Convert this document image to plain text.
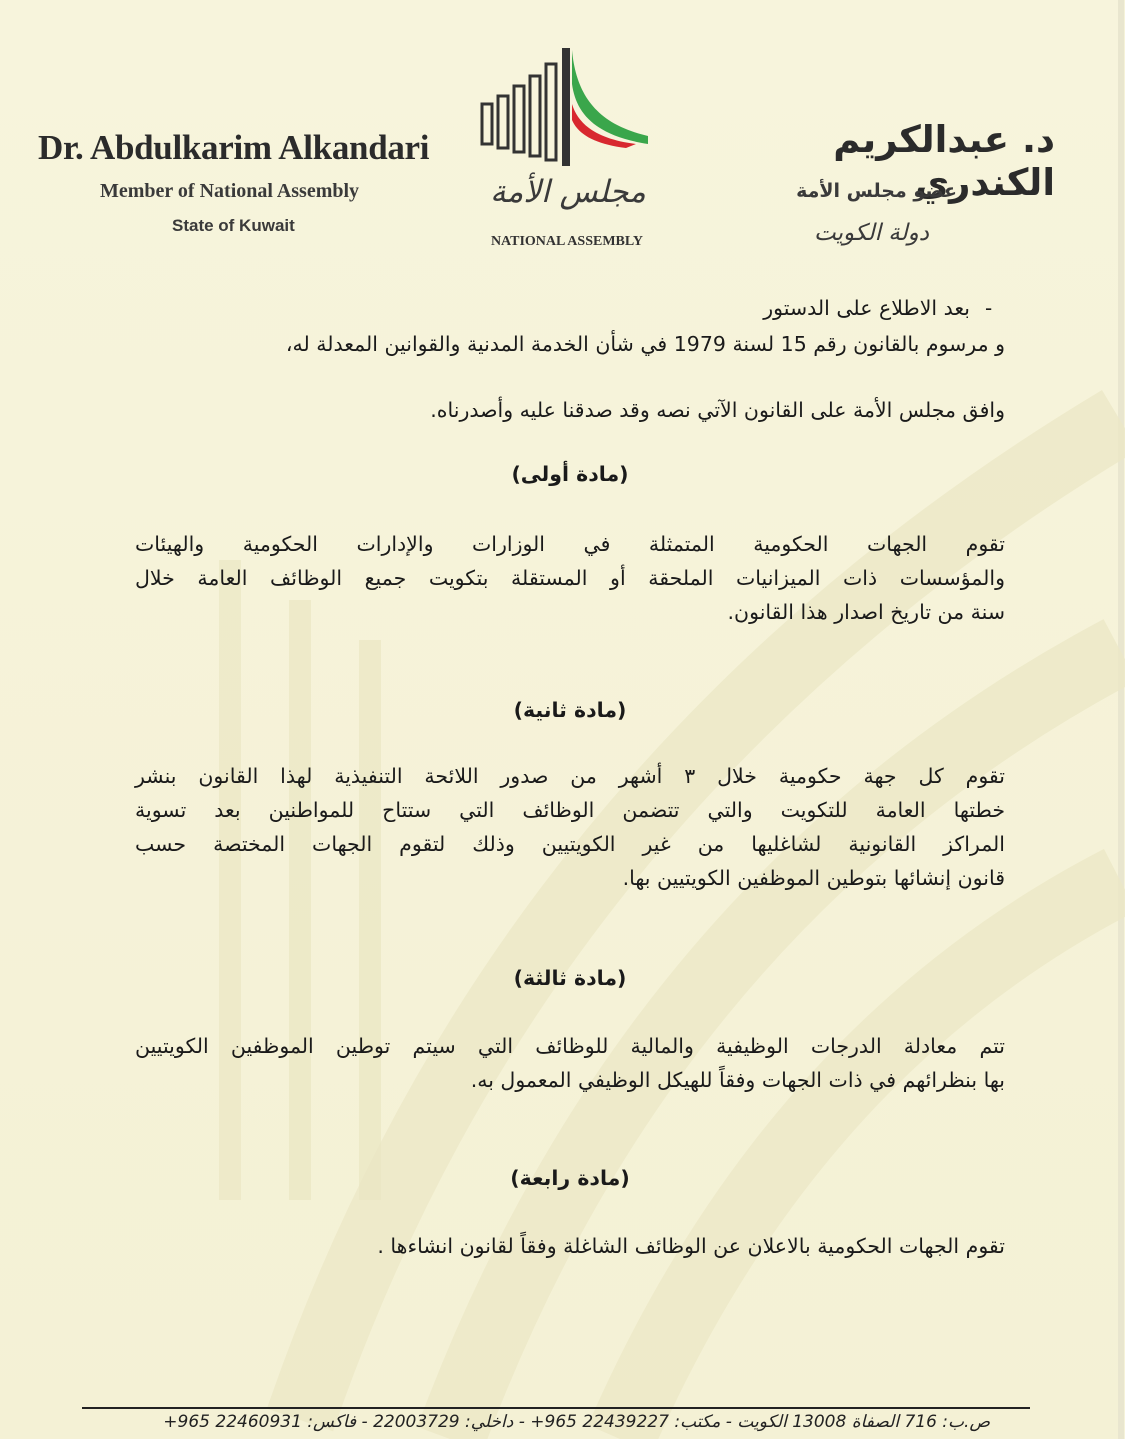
Dr. Abdulkarim Alkandari
Member of National Assembly
State of Kuwait
د. عبدالكريم الكندري
عضو مجلس الأمة
دولة الكويت
مجلس الأمة
NATIONAL ASSEMBLY
-
بعد الاطلاع على الدستور
و مرسوم بالقانون رقم 15 لسنة 1979 في شأن الخدمة المدنية والقوانين المعدلة له،
وافق مجلس الأمة على القانون الآتي نصه وقد صدقنا عليه وأصدرناه.
(مادة أولى)
تقوم الجهات الحكومية المتمثلة في الوزارات والإدارات الحكومية والهيئات
والمؤسسات ذات الميزانيات الملحقة أو المستقلة بتكويت جميع الوظائف العامة خلال
سنة من تاريخ اصدار هذا القانون.
(مادة ثانية)
تقوم كل جهة حكومية خلال ٣ أشهر من صدور اللائحة التنفيذية لهذا القانون بنشر
خطتها العامة للتكويت والتي تتضمن الوظائف التي ستتاح للمواطنين بعد تسوية
المراكز القانونية لشاغليها من غير الكويتيين وذلك لتقوم الجهات المختصة حسب
قانون إنشائها بتوطين الموظفين الكويتيين بها.
(مادة ثالثة)
تتم معادلة الدرجات الوظيفية والمالية للوظائف التي سيتم توطين الموظفين الكويتيين
بها بنظرائهم في ذات الجهات وفقاً للهيكل الوظيفي المعمول به.
(مادة رابعة)
تقوم الجهات الحكومية بالاعلان عن الوظائف الشاغلة وفقاً لقانون انشاءها .
ص.ب: 716 الصفاة 13008 الكويت - مكتب: 22439227 965+ - داخلي: 22003729 - فاكس: 22460931 965+
